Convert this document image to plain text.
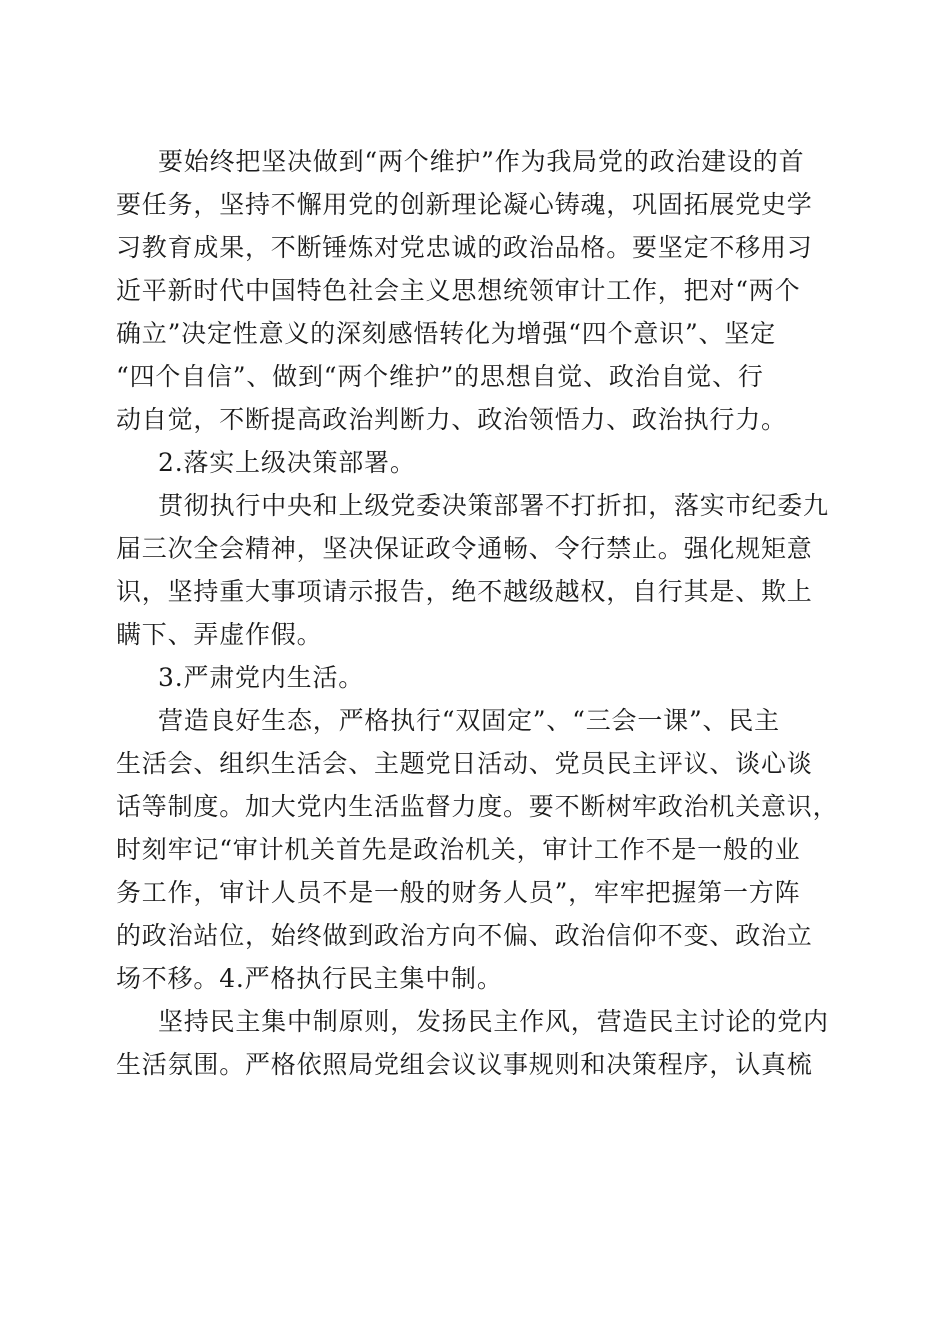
要始终把坚决做到“两个维护”作为我局党的政治建设的首
要任务，坚持不懈用党的创新理论凝心铸魂，巩固拓展党史学
习教育成果，不断锤炼对党忠诚的政治品格。要坚定不移用习
近平新时代中国特色社会主义思想统领审计工作，把对“两个
确立”决定性意义的深刻感悟转化为增强“四个意识”、坚定
“四个自信”、做到“两个维护”的思想自觉、政治自觉、行
动自觉，不断提高政治判断力、政治领悟力、政治执行力。
2.落实上级决策部署。
贯彻执行中央和上级党委决策部署不打折扣，落实市纪委九
届三次全会精神，坚决保证政令通畅、令行禁止。强化规矩意
识，坚持重大事项请示报告，绝不越级越权，自行其是、欺上
瞒下、弄虚作假。
3.严肃党内生活。
营造良好生态，严格执行“双固定”、“三会一课”、民主
生活会、组织生活会、主题党日活动、党员民主评议、谈心谈
话等制度。加大党内生活监督力度。要不断树牢政治机关意识，
时刻牢记“审计机关首先是政治机关，审计工作不是一般的业
务工作，审计人员不是一般的财务人员”，牢牢把握第一方阵
的政治站位，始终做到政治方向不偏、政治信仰不变、政治立
场不移。4.严格执行民主集中制。
坚持民主集中制原则，发扬民主作风，营造民主讨论的党内
生活氛围。严格依照局党组会议议事规则和决策程序，认真梳
